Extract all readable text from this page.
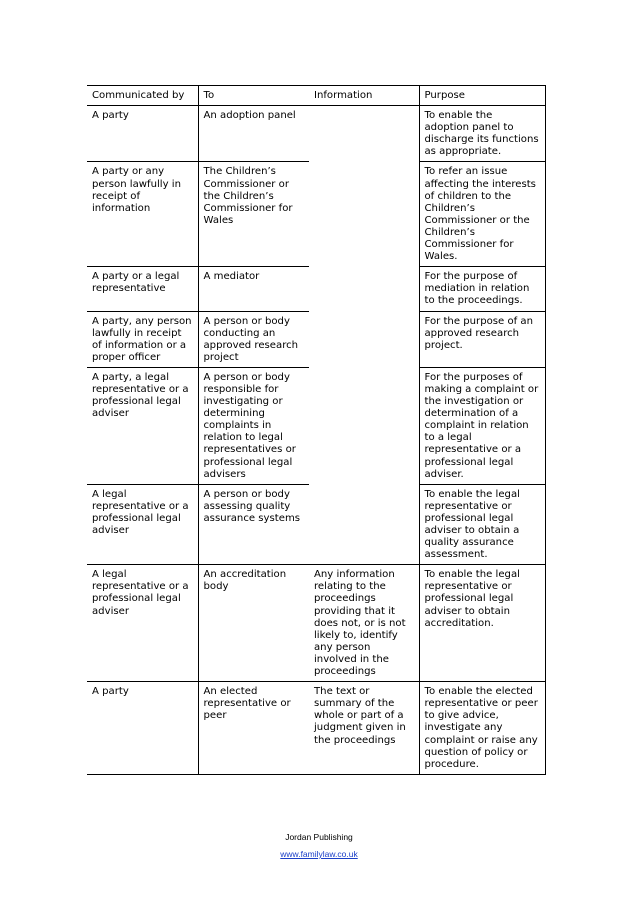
Communicated by	To	Information	Purpose
A party	An adoption panel		To enable the adoption panel to discharge its functions as appropriate.
A party or any person lawfully in receipt of information	The Children’s Commissioner or the Children’s Commissioner for Wales		To refer an issue affecting the interests of children to the Children’s Commissioner or the Children’s Commissioner for Wales.
A party or a legal representative	A mediator		For the purpose of mediation in relation to the proceedings.
A party, any person lawfully in receipt of information or a proper officer	A person or body conducting an approved research project		For the purpose of an approved research project.
A party, a legal representative or a professional legal adviser	A person or body responsible for investigating or determining complaints in relation to legal representatives or professional legal advisers		For the purposes of making a complaint or the investigation or determination of a complaint in relation to a legal representative or a professional legal adviser.
A legal representative or a professional legal adviser	A person or body assessing quality assurance systems		To enable the legal representative or professional legal adviser to obtain a quality assurance assessment.
A legal representative or a professional legal adviser	An accreditation body	Any information relating to the proceedings providing that it does not, or is not likely to, identify any person involved in the proceedings	To enable the legal representative or professional legal adviser to obtain accreditation.
A party	An elected representative or peer	The text or summary of the whole or part of a judgment given in the proceedings	To enable the elected representative or peer to give advice, investigate any complaint or raise any question of policy or procedure.
Jordan Publishing
www.familylaw.co.uk
